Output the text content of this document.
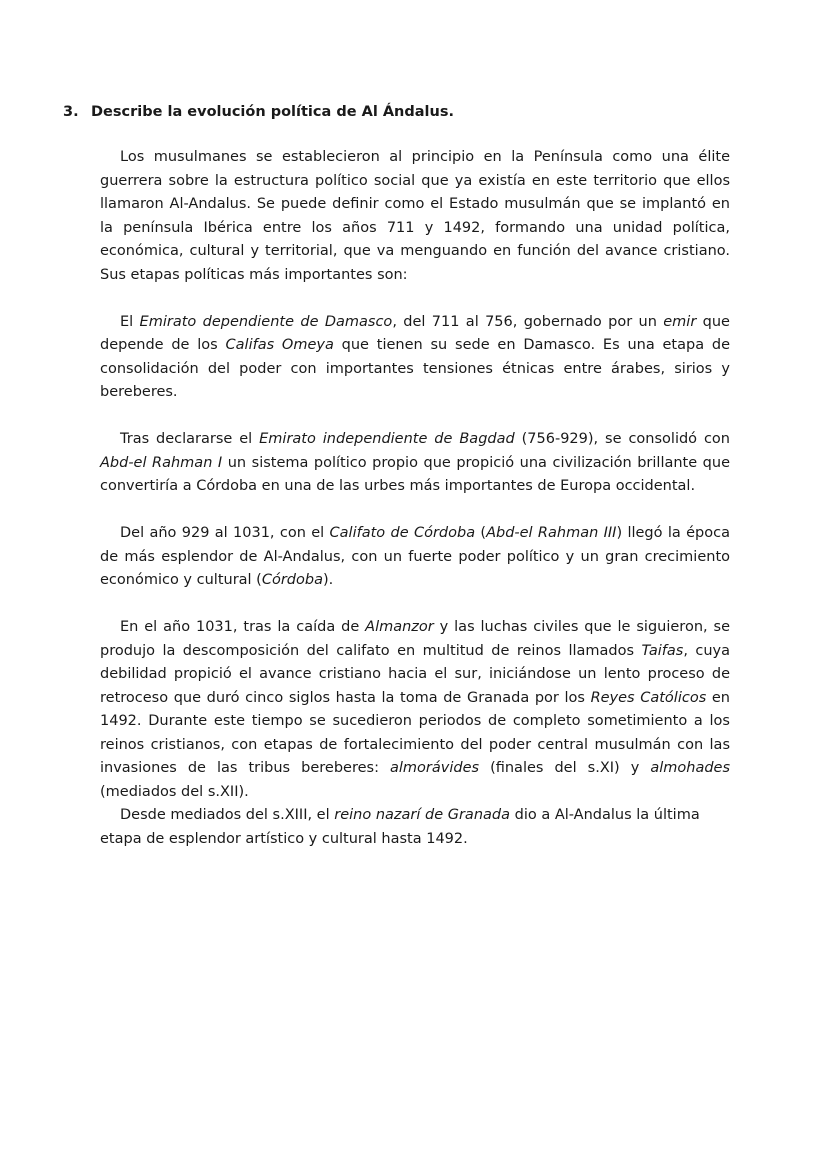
3. Describe la evolución política de Al Ándalus.

Los musulmanes se establecieron al principio en la Península como una élite guerrera sobre la estructura político social que ya existía en este territorio que ellos llamaron Al-Andalus. Se puede definir como el Estado musulmán que se implantó en la península Ibérica entre los años 711 y 1492, formando una unidad política, económica, cultural y territorial, que va menguando en función del avance cristiano. Sus etapas políticas más importantes son:

El Emirato dependiente de Damasco, del 711 al 756, gobernado por un emir que depende de los Califas Omeya que tienen su sede en Damasco. Es una etapa de consolidación del poder con importantes tensiones étnicas entre árabes, sirios y bereberes.

Tras declararse el Emirato independiente de Bagdad (756-929), se consolidó con Abd-el Rahman I un sistema político propio que propició una civilización brillante que convertiría a Córdoba en una de las urbes más importantes de Europa occidental.

Del año 929 al 1031, con el Califato de Córdoba (Abd-el Rahman III) llegó la época de más esplendor de Al-Andalus, con un fuerte poder político y un gran crecimiento económico y cultural (Córdoba).

En el año 1031, tras la caída de Almanzor y las luchas civiles que le siguieron, se produjo la descomposición del califato en multitud de reinos llamados Taifas, cuya debilidad propició el avance cristiano hacia el sur, iniciándose un lento proceso de retroceso que duró cinco siglos hasta la toma de Granada por los Reyes Católicos en 1492. Durante este tiempo se sucedieron periodos de completo sometimiento a los reinos cristianos, con etapas de fortalecimiento del poder central musulmán con las invasiones de las tribus bereberes: almorávides (finales del s.XI) y almohades (mediados del s.XII).

Desde mediados del s.XIII, el reino nazarí de Granada dio a Al-Andalus la última etapa de esplendor artístico y cultural hasta 1492.
